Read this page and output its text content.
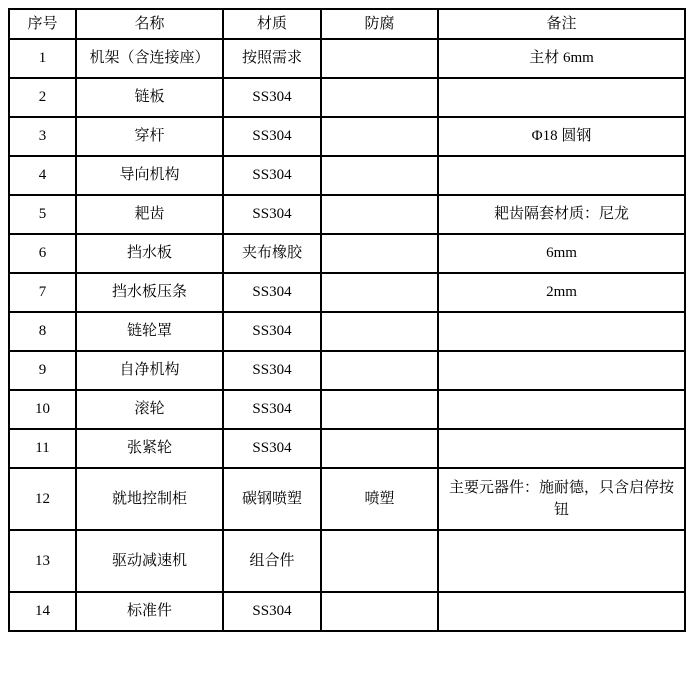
序号	名称	材质	防腐	备注
1	机架（含连接座）	按照需求		主材 6mm
2	链板	SS304		
3	穿杆	SS304		Φ18 圆钢
4	导向机构	SS304		
5	耙齿	SS304		耙齿隔套材质：尼龙
6	挡水板	夹布橡胶		6mm
7	挡水板压条	SS304		2mm
8	链轮罩	SS304		
9	自净机构	SS304		
10	滚轮	SS304		
11	张紧轮	SS304		
12	就地控制柜	碳钢喷塑	喷塑	主要元器件：施耐德，只含启停按钮
13	驱动减速机	组合件		
14	标准件	SS304		
